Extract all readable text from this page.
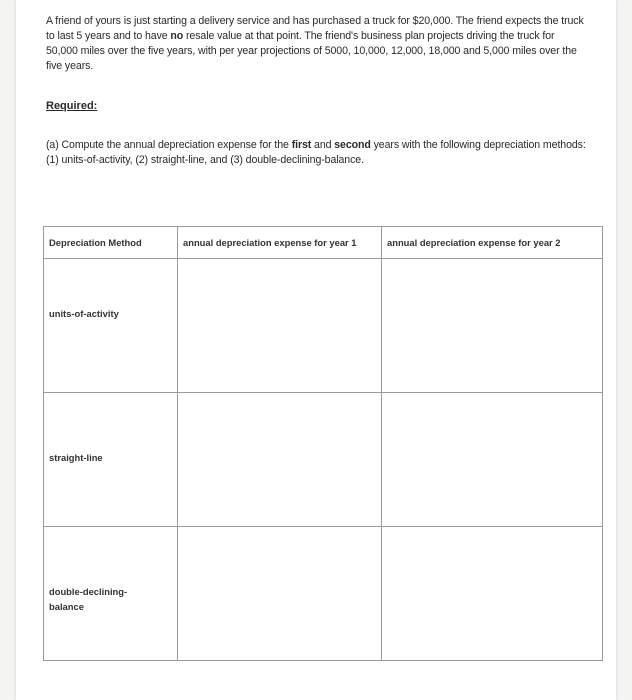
A friend of yours is just starting a delivery service and has purchased a truck for $20,000. The friend expects the truck to last 5 years and to have no resale value at that point. The friend's business plan projects driving the truck for 50,000 miles over the five years, with per year projections of 5000, 10,000, 12,000, 18,000 and 5,000 miles over the five years.
Required:
(a) Compute the annual depreciation expense for the first and second years with the following depreciation methods: (1) units-of-activity, (2) straight-line, and (3) double-declining-balance.
Depreciation Method	annual depreciation expense for year 1	annual depreciation expense for year 2

units-of-activity		

straight-line		

double-declining-balance		
